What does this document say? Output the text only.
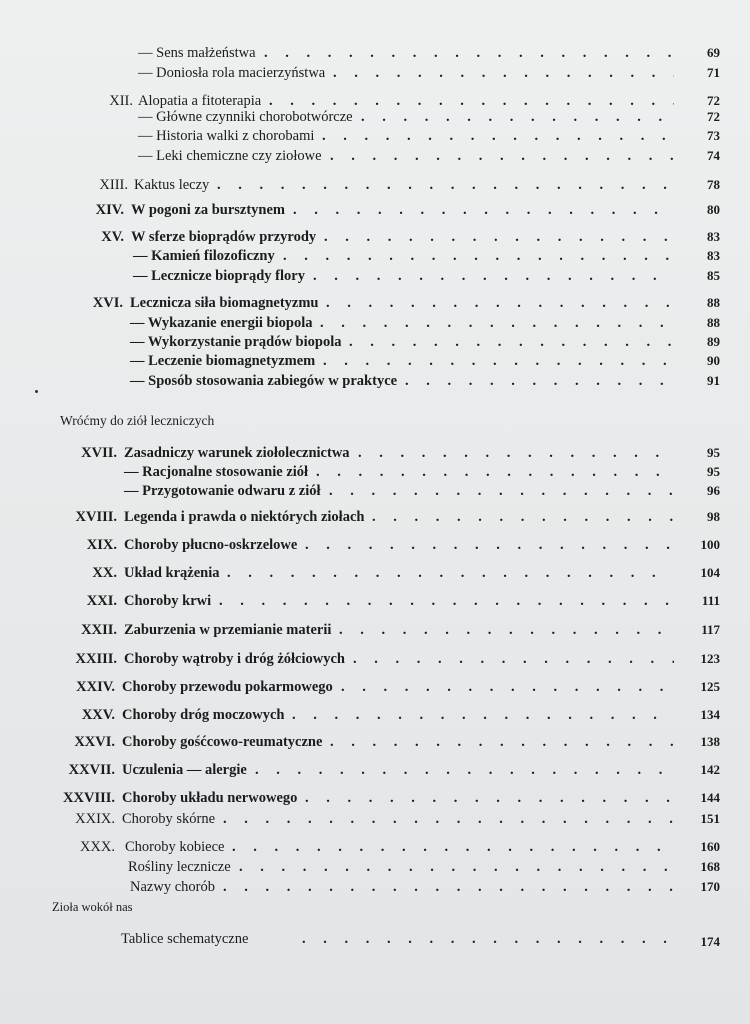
Wróćmy do ziół leczniczych
Zioła wokół nas
Tablice schematyczne . . .	174
— Sens małżeństwa . . .	69
— Doniosła rola macierzyństwa . . .	71
XII. Alopatia a fitoterapia . . .	72
— Główne czynniki chorobotwórcze . . .	72
— Historia walki z chorobami . . .	73
— Leki chemiczne czy ziołowe . . .	74
XIII. Kaktus leczy . . .	78
XIV. W pogoni za bursztynem . . .	80
XV. W sferze bioprądów przyrody . . .	83
— Kamień filozoficzny . . .	83
— Lecznicze bioprądy flory . . .	85
XVI. Lecznicza siła biomagnetyzmu . . .	88
— Wykazanie energii biopola . . .	88
— Wykorzystanie prądów biopola . . .	89
— Leczenie biomagnetyzmem . . .	90
— Sposób stosowania zabiegów w praktyce . . .	91
XVII. Zasadniczy warunek ziołolecznictwa . . .	95
— Racjonalne stosowanie ziół . . .	95
— Przygotowanie odwaru z ziół . . .	96
XVIII. Legenda i prawda o niektórych ziołach . . .	98
XIX. Choroby płucno-oskrzelowe . . .	100
XX. Układ krążenia . . .	104
XXI. Choroby krwi . . .	111
XXII. Zaburzenia w przemianie materii . . .	117
XXIII. Choroby wątroby i dróg żółciowych . . .	123
XXIV. Choroby przewodu pokarmowego . . .	125
XXV. Choroby dróg moczowych . . .	134
XXVI. Choroby gośćcowo-reumatyczne . . .	138
XXVII. Uczulenia — alergie . . .	142
XXVIII. Choroby układu nerwowego . . .	144
XXIX. Choroby skórne . . .	151
XXX. Choroby kobiece . . .	160
Rośliny lecznicze . . .	168
Nazwy chorób . . .	170
